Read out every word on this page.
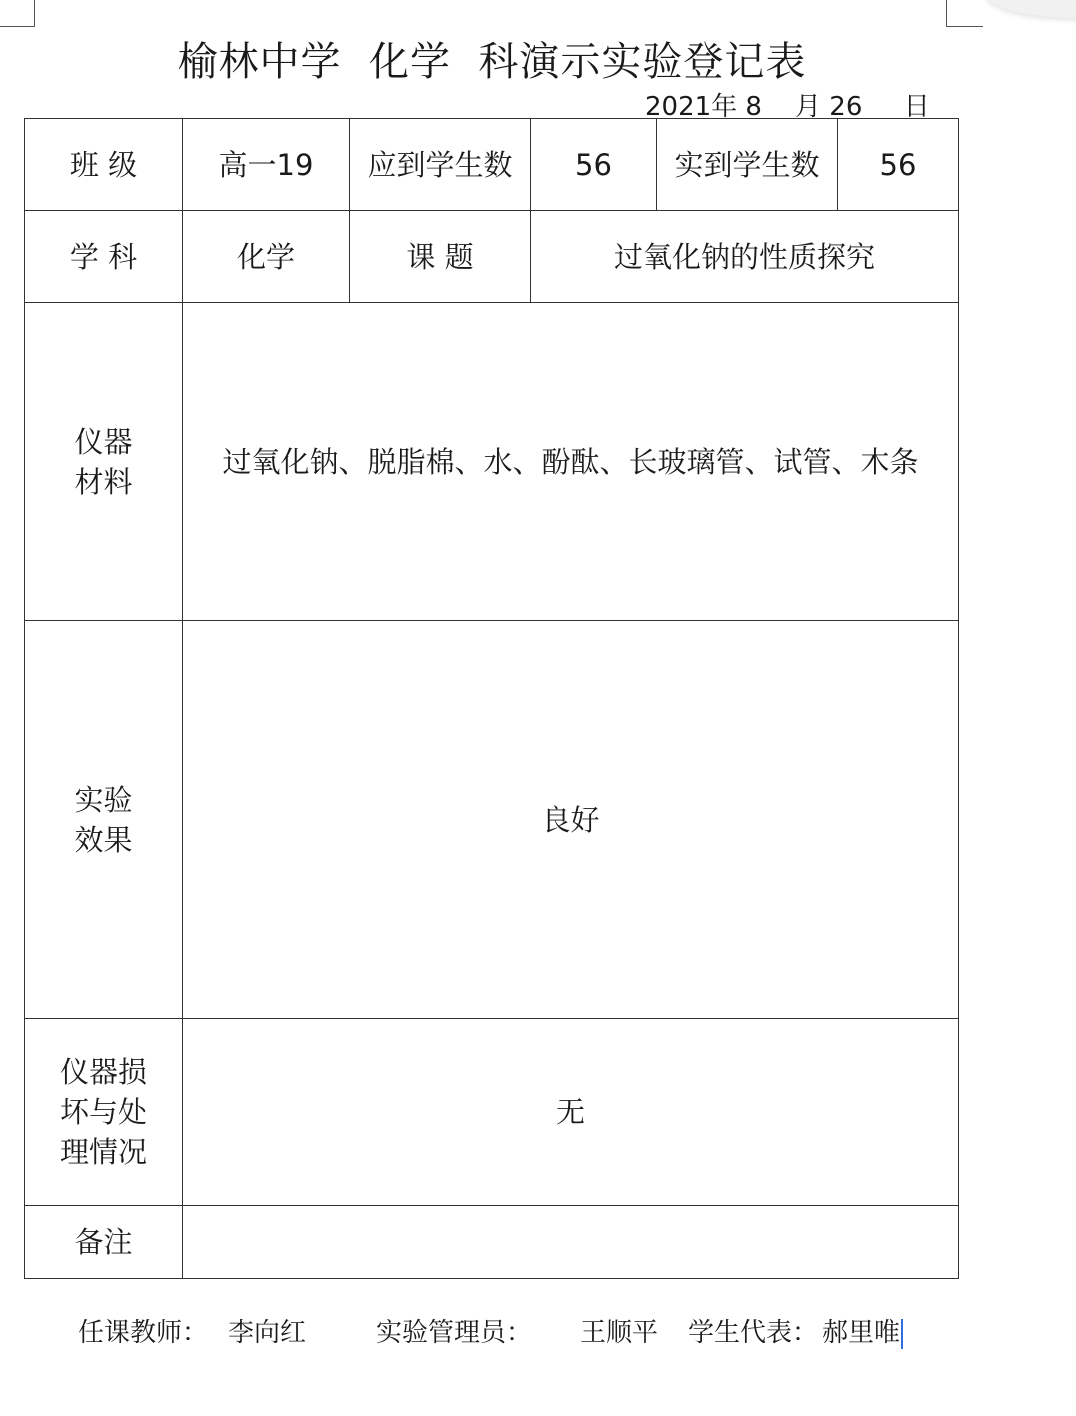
榆林中学  化学  科演示实验登记表
2021年 8    月 26     日
班 级	高一19	应到学生数	56	实到学生数	56
学 科	化学	课 题	过氧化钠的性质探究		
仪器材料	过氧化钠、脱脂棉、水、酚酞、长玻璃管、试管、木条				
实验效果	良好				
仪器损坏与处理情况	无				
备注					
任课教师： 李向红	实验管理员： 王顺平 学生代表： 郝里唯
